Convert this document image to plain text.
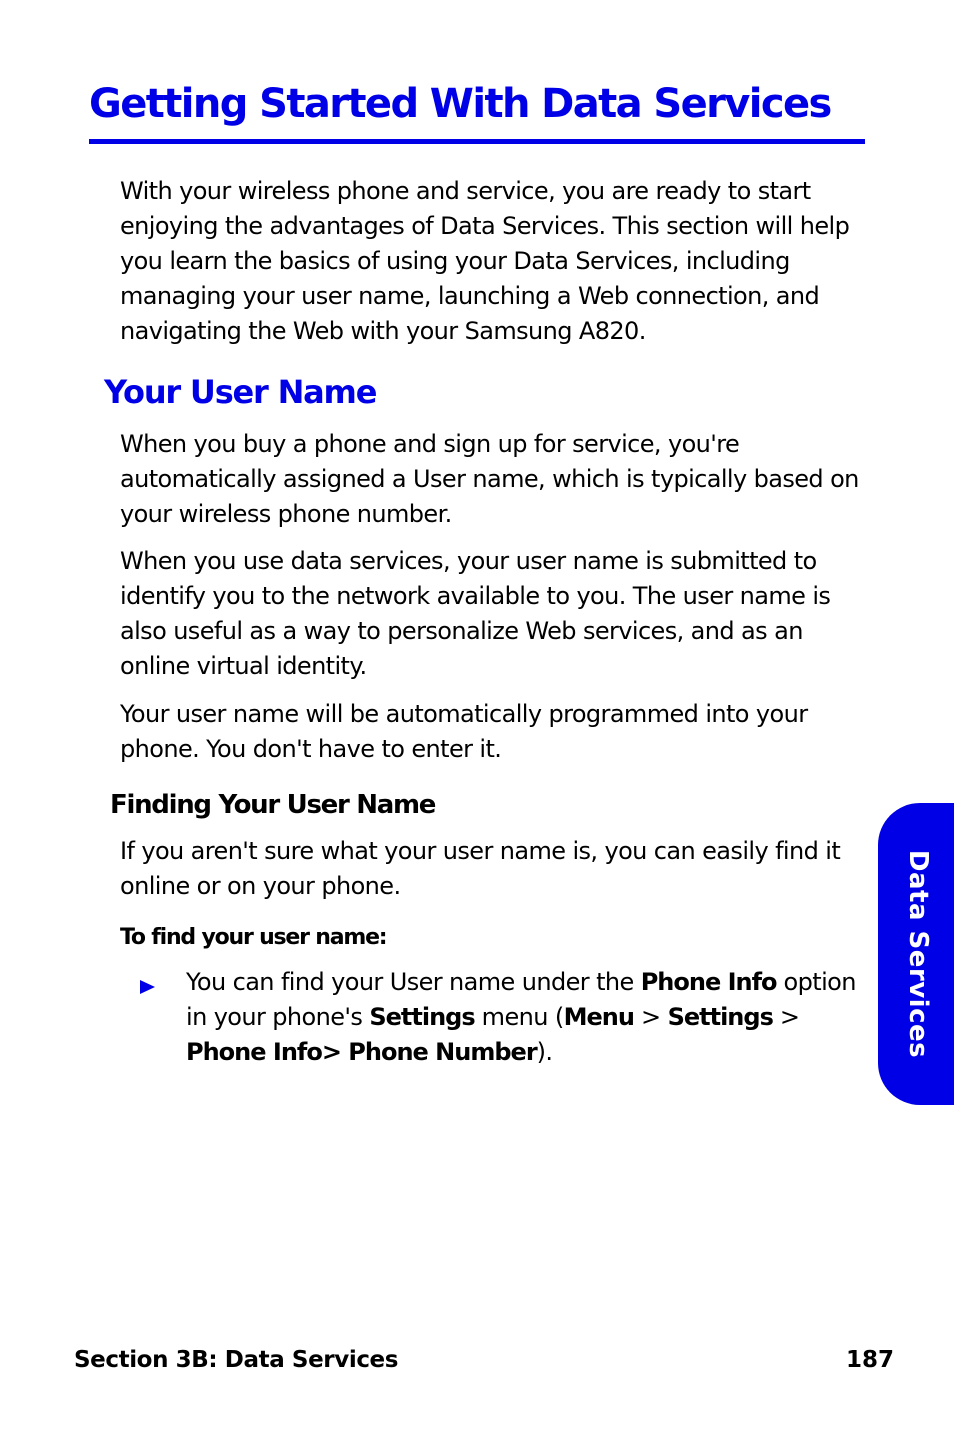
Getting Started With Data Services

With your wireless phone and service, you are ready to start enjoying the advantages of Data Services. This section will help you learn the basics of using your Data Services, including managing your user name, launching a Web connection, and navigating the Web with your Samsung A820.

Your User Name

When you buy a phone and sign up for service, you're automatically assigned a User name, which is typically based on your wireless phone number.

When you use data services, your user name is submitted to identify you to the network available to you. The user name is also useful as a way to personalize Web services, and as an online virtual identity.

Your user name will be automatically programmed into your phone. You don't have to enter it.

Finding Your User Name

If you aren't sure what your user name is, you can easily find it online or on your phone.

To find your user name:

You can find your User name under the Phone Info option in your phone's Settings menu (Menu > Settings > Phone Info> Phone Number).	Data Services
Section 3B: Data Services	187
